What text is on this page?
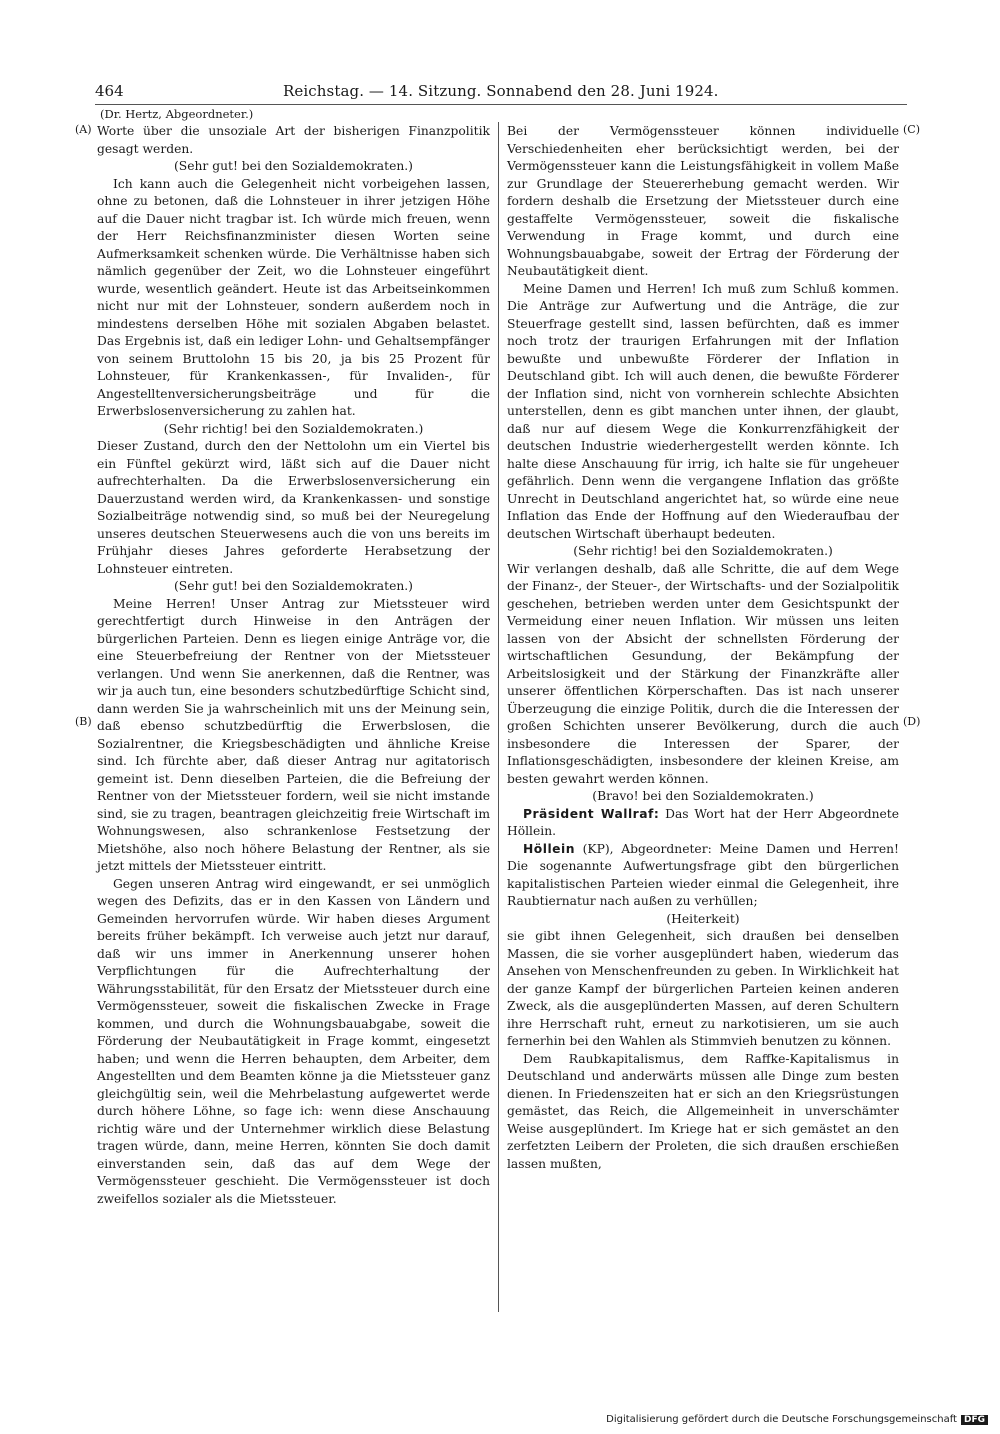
464	Reichstag. — 14. Sitzung. Sonnabend den 28. Juni 1924.
(Dr. Hertz, Abgeordneter.)
(A)
(B)
(C)
(D)

Worte über die unsoziale Art der bisherigen Finanzpolitik gesagt werden.

(Sehr gut! bei den Sozialdemokraten.)

Ich kann auch die Gelegenheit nicht vorbeigehen lassen, ohne zu betonen, daß die Lohnsteuer in ihrer jetzigen Höhe auf die Dauer nicht tragbar ist. Ich würde mich freuen, wenn der Herr Reichsfinanzminister diesen Worten seine Aufmerksamkeit schenken würde. Die Verhältnisse haben sich nämlich gegenüber der Zeit, wo die Lohnsteuer eingeführt wurde, wesentlich geändert. Heute ist das Arbeitseinkommen nicht nur mit der Lohnsteuer, sondern außerdem noch in mindestens derselben Höhe mit sozialen Abgaben belastet. Das Ergebnis ist, daß ein lediger Lohn- und Gehaltsempfänger von seinem Bruttolohn 15 bis 20, ja bis 25 Prozent für Lohnsteuer, für Krankenkassen-, für Invaliden-, für Angestelltenversicherungsbeiträge und für die Erwerbslosenversicherung zu zahlen hat.

(Sehr richtig! bei den Sozialdemokraten.)

Dieser Zustand, durch den der Nettolohn um ein Viertel bis ein Fünftel gekürzt wird, läßt sich auf die Dauer nicht aufrechterhalten. Da die Erwerbslosenversicherung ein Dauerzustand werden wird, da Krankenkassen- und sonstige Sozialbeiträge notwendig sind, so muß bei der Neuregelung unseres deutschen Steuerwesens auch die von uns bereits im Frühjahr dieses Jahres geforderte Herabsetzung der Lohnsteuer eintreten.

(Sehr gut! bei den Sozialdemokraten.)

Meine Herren! Unser Antrag zur Mietssteuer wird gerechtfertigt durch Hinweise in den Anträgen der bürgerlichen Parteien. Denn es liegen einige Anträge vor, die eine Steuerbefreiung der Rentner von der Mietssteuer verlangen. Und wenn Sie anerkennen, daß die Rentner, was wir ja auch tun, eine besonders schutzbedürftige Schicht sind, dann werden Sie ja wahrscheinlich mit uns der Meinung sein, daß ebenso schutzbedürftig die Erwerbslosen, die Sozialrentner, die Kriegsbeschädigten und ähnliche Kreise sind. Ich fürchte aber, daß dieser Antrag nur agitatorisch gemeint ist. Denn dieselben Parteien, die die Befreiung der Rentner von der Mietssteuer fordern, weil sie nicht imstande sind, sie zu tragen, beantragen gleichzeitig freie Wirtschaft im Wohnungswesen, also schrankenlose Festsetzung der Mietshöhe, also noch höhere Belastung der Rentner, als sie jetzt mittels der Mietssteuer eintritt.

Gegen unseren Antrag wird eingewandt, er sei unmöglich wegen des Defizits, das er in den Kassen von Ländern und Gemeinden hervorrufen würde. Wir haben dieses Argument bereits früher bekämpft. Ich verweise auch jetzt nur darauf, daß wir uns immer in Anerkennung unserer hohen Verpflichtungen für die Aufrechterhaltung der Währungsstabilität, für den Ersatz der Mietssteuer durch eine Vermögenssteuer, soweit die fiskalischen Zwecke in Frage kommen, und durch die Wohnungsbauabgabe, soweit die Förderung der Neubautätigkeit in Frage kommt, eingesetzt haben; und wenn die Herren behaupten, dem Arbeiter, dem Angestellten und dem Beamten könne ja die Mietssteuer ganz gleichgültig sein, weil die Mehrbelastung aufgewertet werde durch höhere Löhne, so fage ich: wenn diese Anschauung richtig wäre und der Unternehmer wirklich diese Belastung tragen würde, dann, meine Herren, könnten Sie doch damit einverstanden sein, daß das auf dem Wege der Vermögenssteuer geschieht. Die Vermögenssteuer ist doch zweifellos sozialer als die Mietssteuer.

Bei der Vermögenssteuer können individuelle Verschiedenheiten eher berücksichtigt werden, bei der Vermögenssteuer kann die Leistungsfähigkeit in vollem Maße zur Grundlage der Steuererhebung gemacht werden. Wir fordern deshalb die Ersetzung der Mietssteuer durch eine gestaffelte Vermögenssteuer, soweit die fiskalische Verwendung in Frage kommt, und durch eine Wohnungsbauabgabe, soweit der Ertrag der Förderung der Neubautätigkeit dient.

Meine Damen und Herren! Ich muß zum Schluß kommen. Die Anträge zur Aufwertung und die Anträge, die zur Steuerfrage gestellt sind, lassen befürchten, daß es immer noch trotz der traurigen Erfahrungen mit der Inflation bewußte und unbewußte Förderer der Inflation in Deutschland gibt. Ich will auch denen, die bewußte Förderer der Inflation sind, nicht von vornherein schlechte Absichten unterstellen, denn es gibt manchen unter ihnen, der glaubt, daß nur auf diesem Wege die Konkurrenzfähigkeit der deutschen Industrie wiederhergestellt werden könnte. Ich halte diese Anschauung für irrig, ich halte sie für ungeheuer gefährlich. Denn wenn die vergangene Inflation das größte Unrecht in Deutschland angerichtet hat, so würde eine neue Inflation das Ende der Hoffnung auf den Wiederaufbau der deutschen Wirtschaft überhaupt bedeuten.

(Sehr richtig! bei den Sozialdemokraten.)

Wir verlangen deshalb, daß alle Schritte, die auf dem Wege der Finanz-, der Steuer-, der Wirtschafts- und der Sozialpolitik geschehen, betrieben werden unter dem Gesichtspunkt der Vermeidung einer neuen Inflation. Wir müssen uns leiten lassen von der Absicht der schnellsten Förderung der wirtschaftlichen Gesundung, der Bekämpfung der Arbeitslosigkeit und der Stärkung der Finanzkräfte aller unserer öffentlichen Körperschaften. Das ist nach unserer Überzeugung die einzige Politik, durch die die Interessen der großen Schichten unserer Bevölkerung, durch die auch insbesondere die Interessen der Sparer, der Inflationsgeschädigten, insbesondere der kleinen Kreise, am besten gewahrt werden können.

(Bravo! bei den Sozialdemokraten.)

Präsident Wallraf: Das Wort hat der Herr Abgeordnete Höllein.

Höllein (KP), Abgeordneter: Meine Damen und Herren! Die sogenannte Aufwertungsfrage gibt den bürgerlichen kapitalistischen Parteien wieder einmal die Gelegenheit, ihre Raubtiernatur nach außen zu verhüllen;

(Heiterkeit)

sie gibt ihnen Gelegenheit, sich draußen bei denselben Massen, die sie vorher ausgeplündert haben, wiederum das Ansehen von Menschenfreunden zu geben. In Wirklichkeit hat der ganze Kampf der bürgerlichen Parteien keinen anderen Zweck, als die ausgeplünderten Massen, auf deren Schultern ihre Herrschaft ruht, erneut zu narkotisieren, um sie auch fernerhin bei den Wahlen als Stimmvieh benutzen zu können.

Dem Raubkapitalismus, dem Raffke-Kapitalismus in Deutschland und anderwärts müssen alle Dinge zum besten dienen. In Friedenszeiten hat er sich an den Kriegsrüstungen gemästet, das Reich, die Allgemeinheit in unverschämter Weise ausgeplündert. Im Kriege hat er sich gemästet an den zerfetzten Leibern der Proleten, die sich draußen erschießen lassen mußten,

Digitalisierung gefördert durch die Deutsche Forschungsgemeinschaft DFG
